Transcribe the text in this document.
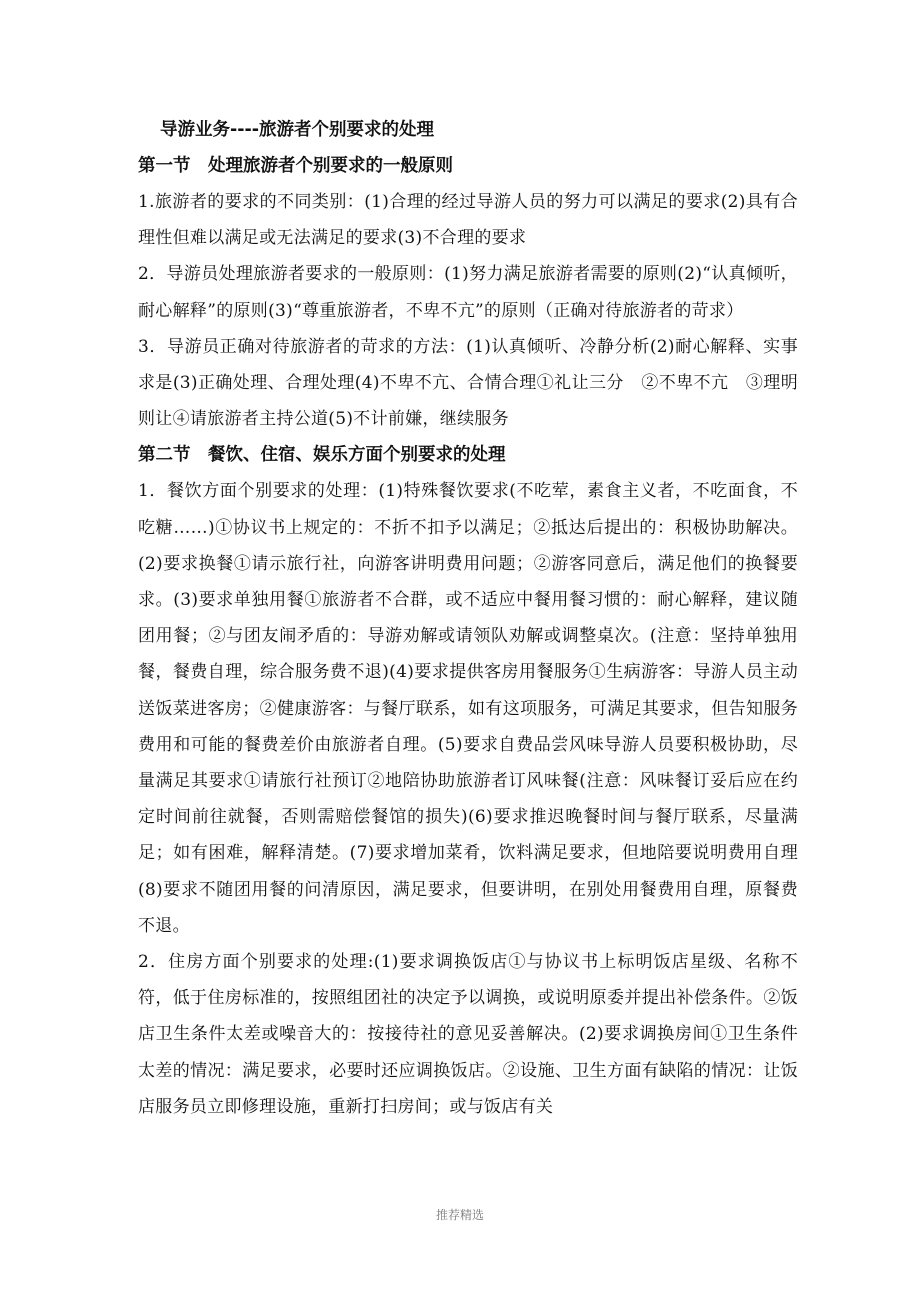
导游业务----旅游者个别要求的处理
第一节　处理旅游者个别要求的一般原则

1.旅游者的要求的不同类别：(1)合理的经过导游人员的努力可以满足的要求(2)具有合理性但难以满足或无法满足的要求(3)不合理的要求

2．导游员处理旅游者要求的一般原则：(1)努力满足旅游者需要的原则(2)“认真倾听，耐心解释”的原则(3)“尊重旅游者，不卑不亢”的原则（正确对待旅游者的苛求）

3．导游员正确对待旅游者的苛求的方法：(1)认真倾听、冷静分析(2)耐心解释、实事求是(3)正确处理、合理处理(4)不卑不亢、合情合理①礼让三分　②不卑不亢　③理明则让④请旅游者主持公道(5)不计前嫌，继续服务

第二节　餐饮、住宿、娱乐方面个别要求的处理

1．餐饮方面个别要求的处理：(1)特殊餐饮要求(不吃荤，素食主义者，不吃面食，不吃糖……)①协议书上规定的：不折不扣予以满足；②抵达后提出的：积极协助解决。(2)要求换餐①请示旅行社，向游客讲明费用问题；②游客同意后，满足他们的换餐要求。(3)要求单独用餐①旅游者不合群，或不适应中餐用餐习惯的：耐心解释，建议随团用餐；②与团友闹矛盾的：导游劝解或请领队劝解或调整桌次。(注意：坚持单独用餐，餐费自理，综合服务费不退)(4)要求提供客房用餐服务①生病游客：导游人员主动送饭菜进客房；②健康游客：与餐厅联系，如有这项服务，可满足其要求，但告知服务费用和可能的餐费差价由旅游者自理。(5)要求自费品尝风味导游人员要积极协助，尽量满足其要求①请旅行社预订②地陪协助旅游者订风味餐(注意：风味餐订妥后应在约定时间前往就餐，否则需赔偿餐馆的损失)(6)要求推迟晚餐时间与餐厅联系，尽量满足；如有困难，解释清楚。(7)要求增加菜肴，饮料满足要求，但地陪要说明费用自理(8)要求不随团用餐的问清原因，满足要求，但要讲明，在别处用餐费用自理，原餐费不退。

2．住房方面个别要求的处理:(1)要求调换饭店①与协议书上标明饭店星级、名称不符，低于住房标准的，按照组团社的决定予以调换，或说明原委并提出补偿条件。②饭店卫生条件太差或噪音大的：按接待社的意见妥善解决。(2)要求调换房间①卫生条件太差的情况：满足要求，必要时还应调换饭店。②设施、卫生方面有缺陷的情况：让饭店服务员立即修理设施，重新打扫房间；或与饭店有关

推荐精选
